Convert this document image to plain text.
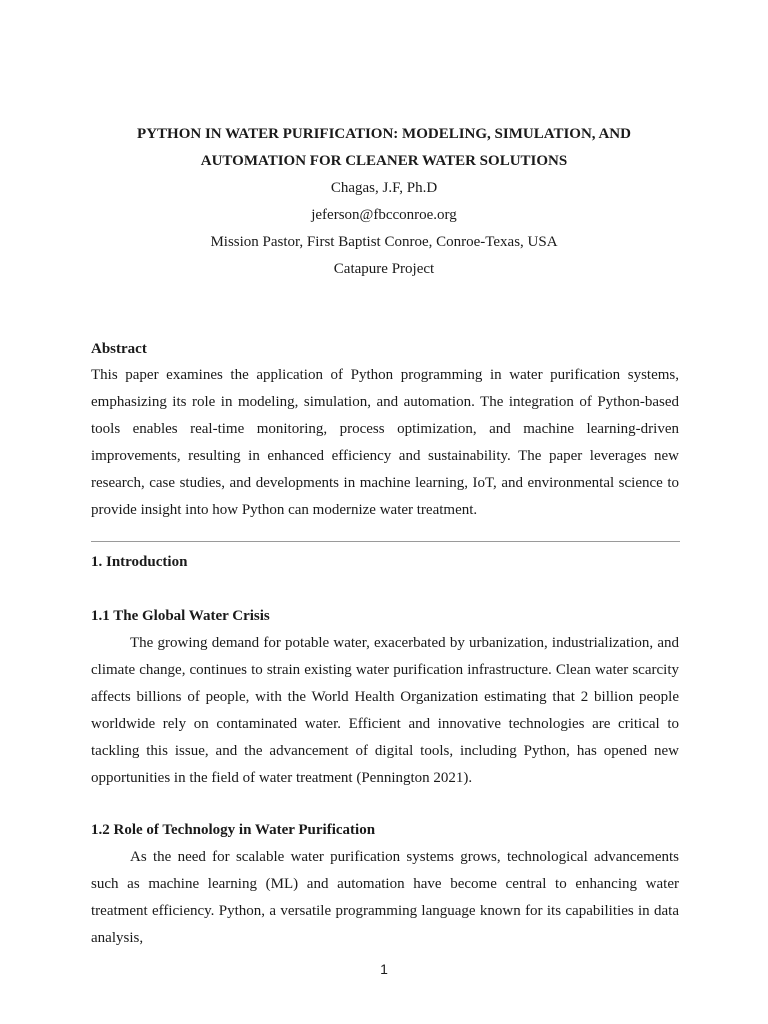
PYTHON IN WATER PURIFICATION: MODELING, SIMULATION, AND
AUTOMATION FOR CLEANER WATER SOLUTIONS
Chagas, J.F, Ph.D
jeferson@fbcconroe.org
Mission Pastor, First Baptist Conroe, Conroe-Texas, USA
Catapure Project
Abstract

This paper examines the application of Python programming in water purification systems, emphasizing its role in modeling, simulation, and automation. The integration of Python-based tools enables real-time monitoring, process optimization, and machine learning-driven improvements, resulting in enhanced efficiency and sustainability. The paper leverages new research, case studies, and developments in machine learning, IoT, and environmental science to provide insight into how Python can modernize water treatment.

1. Introduction
1.1 The Global Water Crisis

The growing demand for potable water, exacerbated by urbanization, industrialization, and climate change, continues to strain existing water purification infrastructure. Clean water scarcity affects billions of people, with the World Health Organization estimating that 2 billion people worldwide rely on contaminated water. Efficient and innovative technologies are critical to tackling this issue, and the advancement of digital tools, including Python, has opened new opportunities in the field of water treatment (Pennington 2021).

1.2 Role of Technology in Water Purification

As the need for scalable water purification systems grows, technological advancements such as machine learning (ML) and automation have become central to enhancing water treatment efficiency. Python, a versatile programming language known for its capabilities in data analysis,

1
